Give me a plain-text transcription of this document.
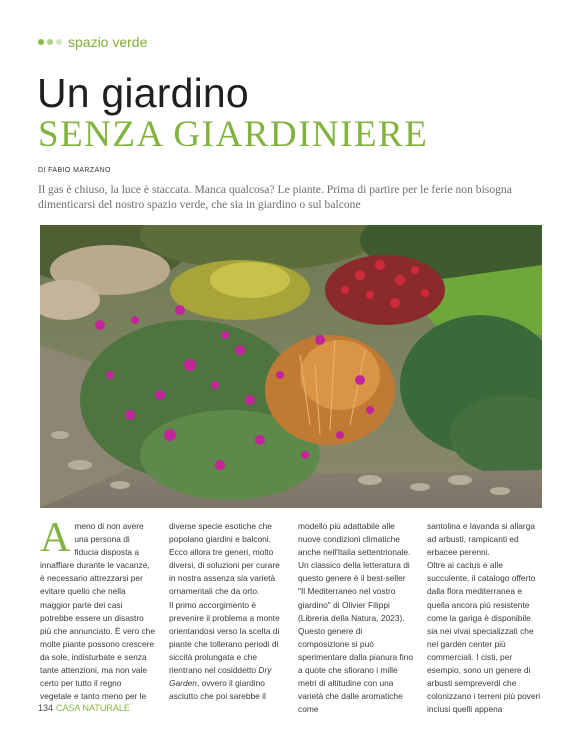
spazio verde
Un giardino
SENZA GIARDINIERE
DI FABIO MARZANO
Il gas è chiuso, la luce è staccata. Manca qualcosa? Le piante. Prima di partire per le ferie non bisogna dimenticarsi del nostro spazio verde, che sia in giardino o sul balcone

A meno di non avere una persona di fiducia disposta a innaffiare durante le vacanze, è necessario attrezzarsi per evitare quello che nella maggior parte dei casi potrebbe essere un disastro più che annunciato. È vero che molte piante possono crescere da sole, indisturbate e senza tante attenzioni, ma non vale certo per tutto il regno vegetale e tanto meno per le

diverse specie esotiche che popolano giardini e balconi. Ecco allora tre generi, molto diversi, di soluzioni per curare in nostra assenza sia varietà ornamentali che da orto.

Il primo accorgimento è prevenire il problema a monte orientandosi verso la scelta di piante che tollerano periodi di siccità prolungata e che rientrano nel cosiddetto Dry Garden, ovvero il giardino asciutto che poi sarebbe il

modello più adattabile alle nuove condizioni climatiche anche nell'Italia settentrionale. Un classico della letteratura di questo genere è il best-seller "Il Mediterraneo nel vostro giardino" di Olivier Filippi (Libreria della Natura, 2023). Questo genere di composizione si può sperimentare dalla pianura fino a quote che sfiorano i mille metri di altitudine con una varietà che dalle aromatiche come

santolina e lavanda si allarga ad arbusti, rampicanti ed erbacee perenni.

Oltre ai cactus e alle succulente, il catalogo offerto dalla flora mediterranea e quella ancora più resistente come la gariga è disponibile sia nei vivai specializzati che nei garden center più commerciali. I cisti, per esempio, sono un genere di arbusti sempreverdi che colonizzano i terreni più poveri inclusi quelli appena

134 CASA NATURALE
